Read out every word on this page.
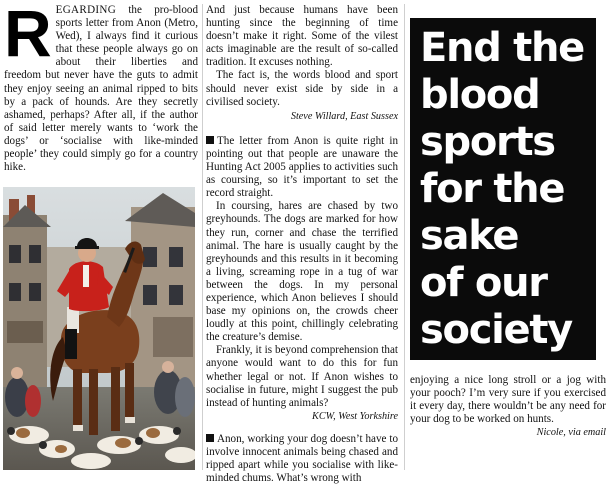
REGARDING the pro-blood sports letter from Anon (Metro, Wed), I always find it curious that these people always go on about their liberties and freedom but never have the guts to admit they enjoy seeing an animal ripped to bits by a pack of hounds. Are they secretly ashamed, perhaps? After all, if the author of said letter merely wants to ‘work the dogs’ or ‘socialise with like-minded people’ they could simply go for a country hike.

And just because humans have been hunting since the beginning of time doesn’t make it right. Some of the vilest acts imaginable are the result of so-called tradition. It excuses nothing.

The fact is, the words blood and sport should never exist side by side in a civilised society.

Steve Willard, East Sussex

The letter from Anon is quite right in pointing out that people are unaware the Hunting Act 2005 applies to activities such as coursing, so it’s important to set the record straight.

In coursing, hares are chased by two greyhounds. The dogs are marked for how they run, corner and chase the terrified animal. The hare is usually caught by the greyhounds and this results in it becoming a living, screaming rope in a tug of war between the dogs. In my personal experience, which Anon believes I should base my opinions on, the crowds cheer loudly at this point, chillingly celebrating the creature’s demise.

Frankly, it is beyond comprehension that anyone would want to do this for fun whether legal or not. If Anon wishes to socialise in future, might I suggest the pub instead of hunting animals?

KCW, West Yorkshire

Anon, working your dog doesn’t have to involve innocent animals being chased and ripped apart while you socialise with like-minded chums. What’s wrong with

End the
blood
sports
for the
sake
of our
society

enjoying a nice long stroll or a jog with your pooch? I’m very sure if you exercised it every day, there wouldn’t be any need for your dog to be worked on hunts.

Nicole, via email
